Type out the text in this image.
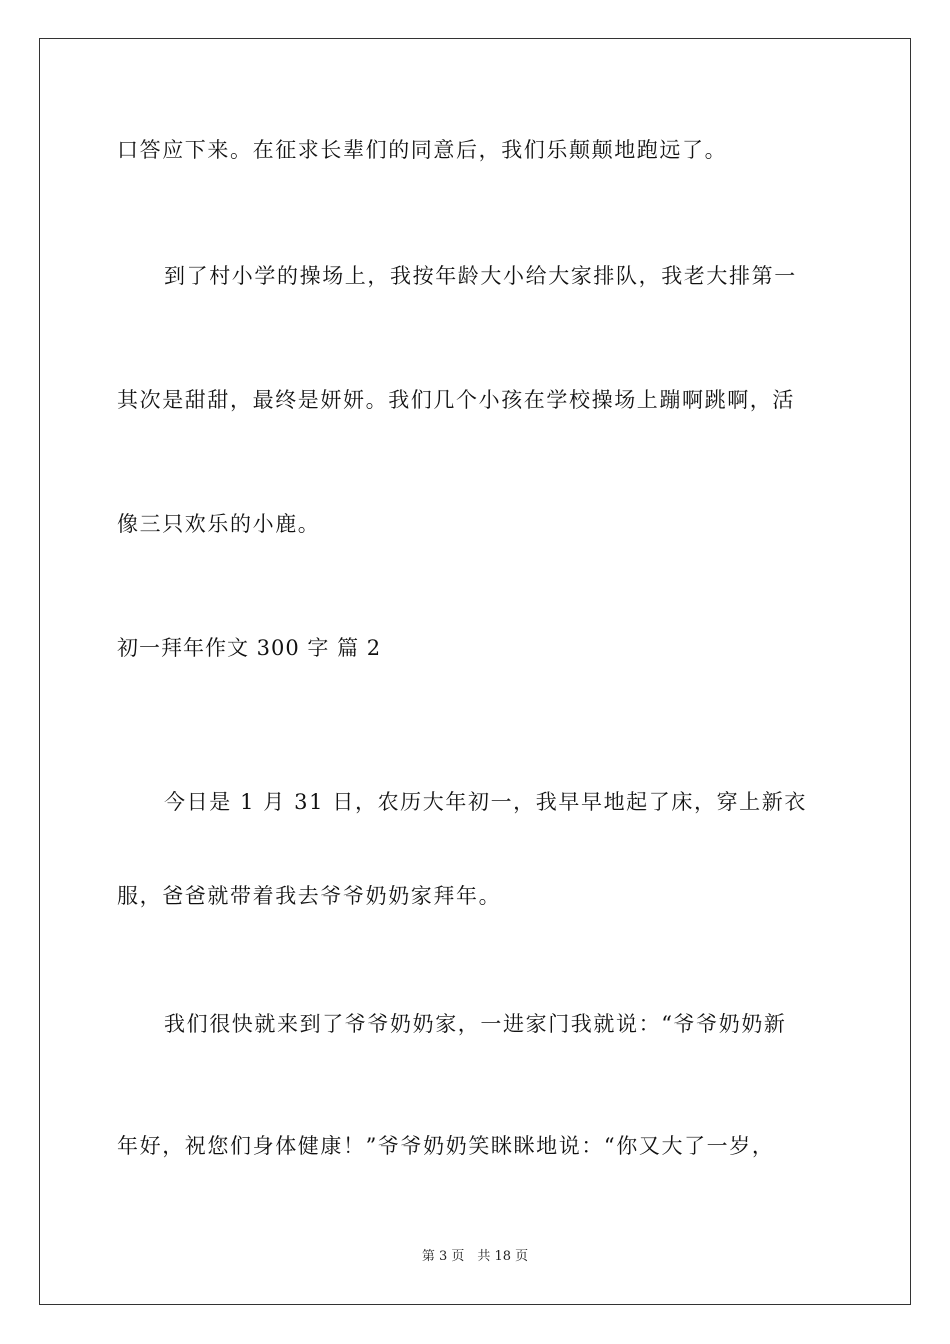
口答应下来。在征求长辈们的同意后，我们乐颠颠地跑远了。
到了村小学的操场上，我按年龄大小给大家排队，我老大排第一
其次是甜甜，最终是妍妍。我们几个小孩在学校操场上蹦啊跳啊，活
像三只欢乐的小鹿。
初一拜年作文 300 字 篇 2
今日是 1 月 31 日，农历大年初一，我早早地起了床，穿上新衣
服，爸爸就带着我去爷爷奶奶家拜年。
我们很快就来到了爷爷奶奶家，一进家门我就说：“爷爷奶奶新
年好，祝您们身体健康！”爷爷奶奶笑眯眯地说：“你又大了一岁，
第 3 页　共 18 页
